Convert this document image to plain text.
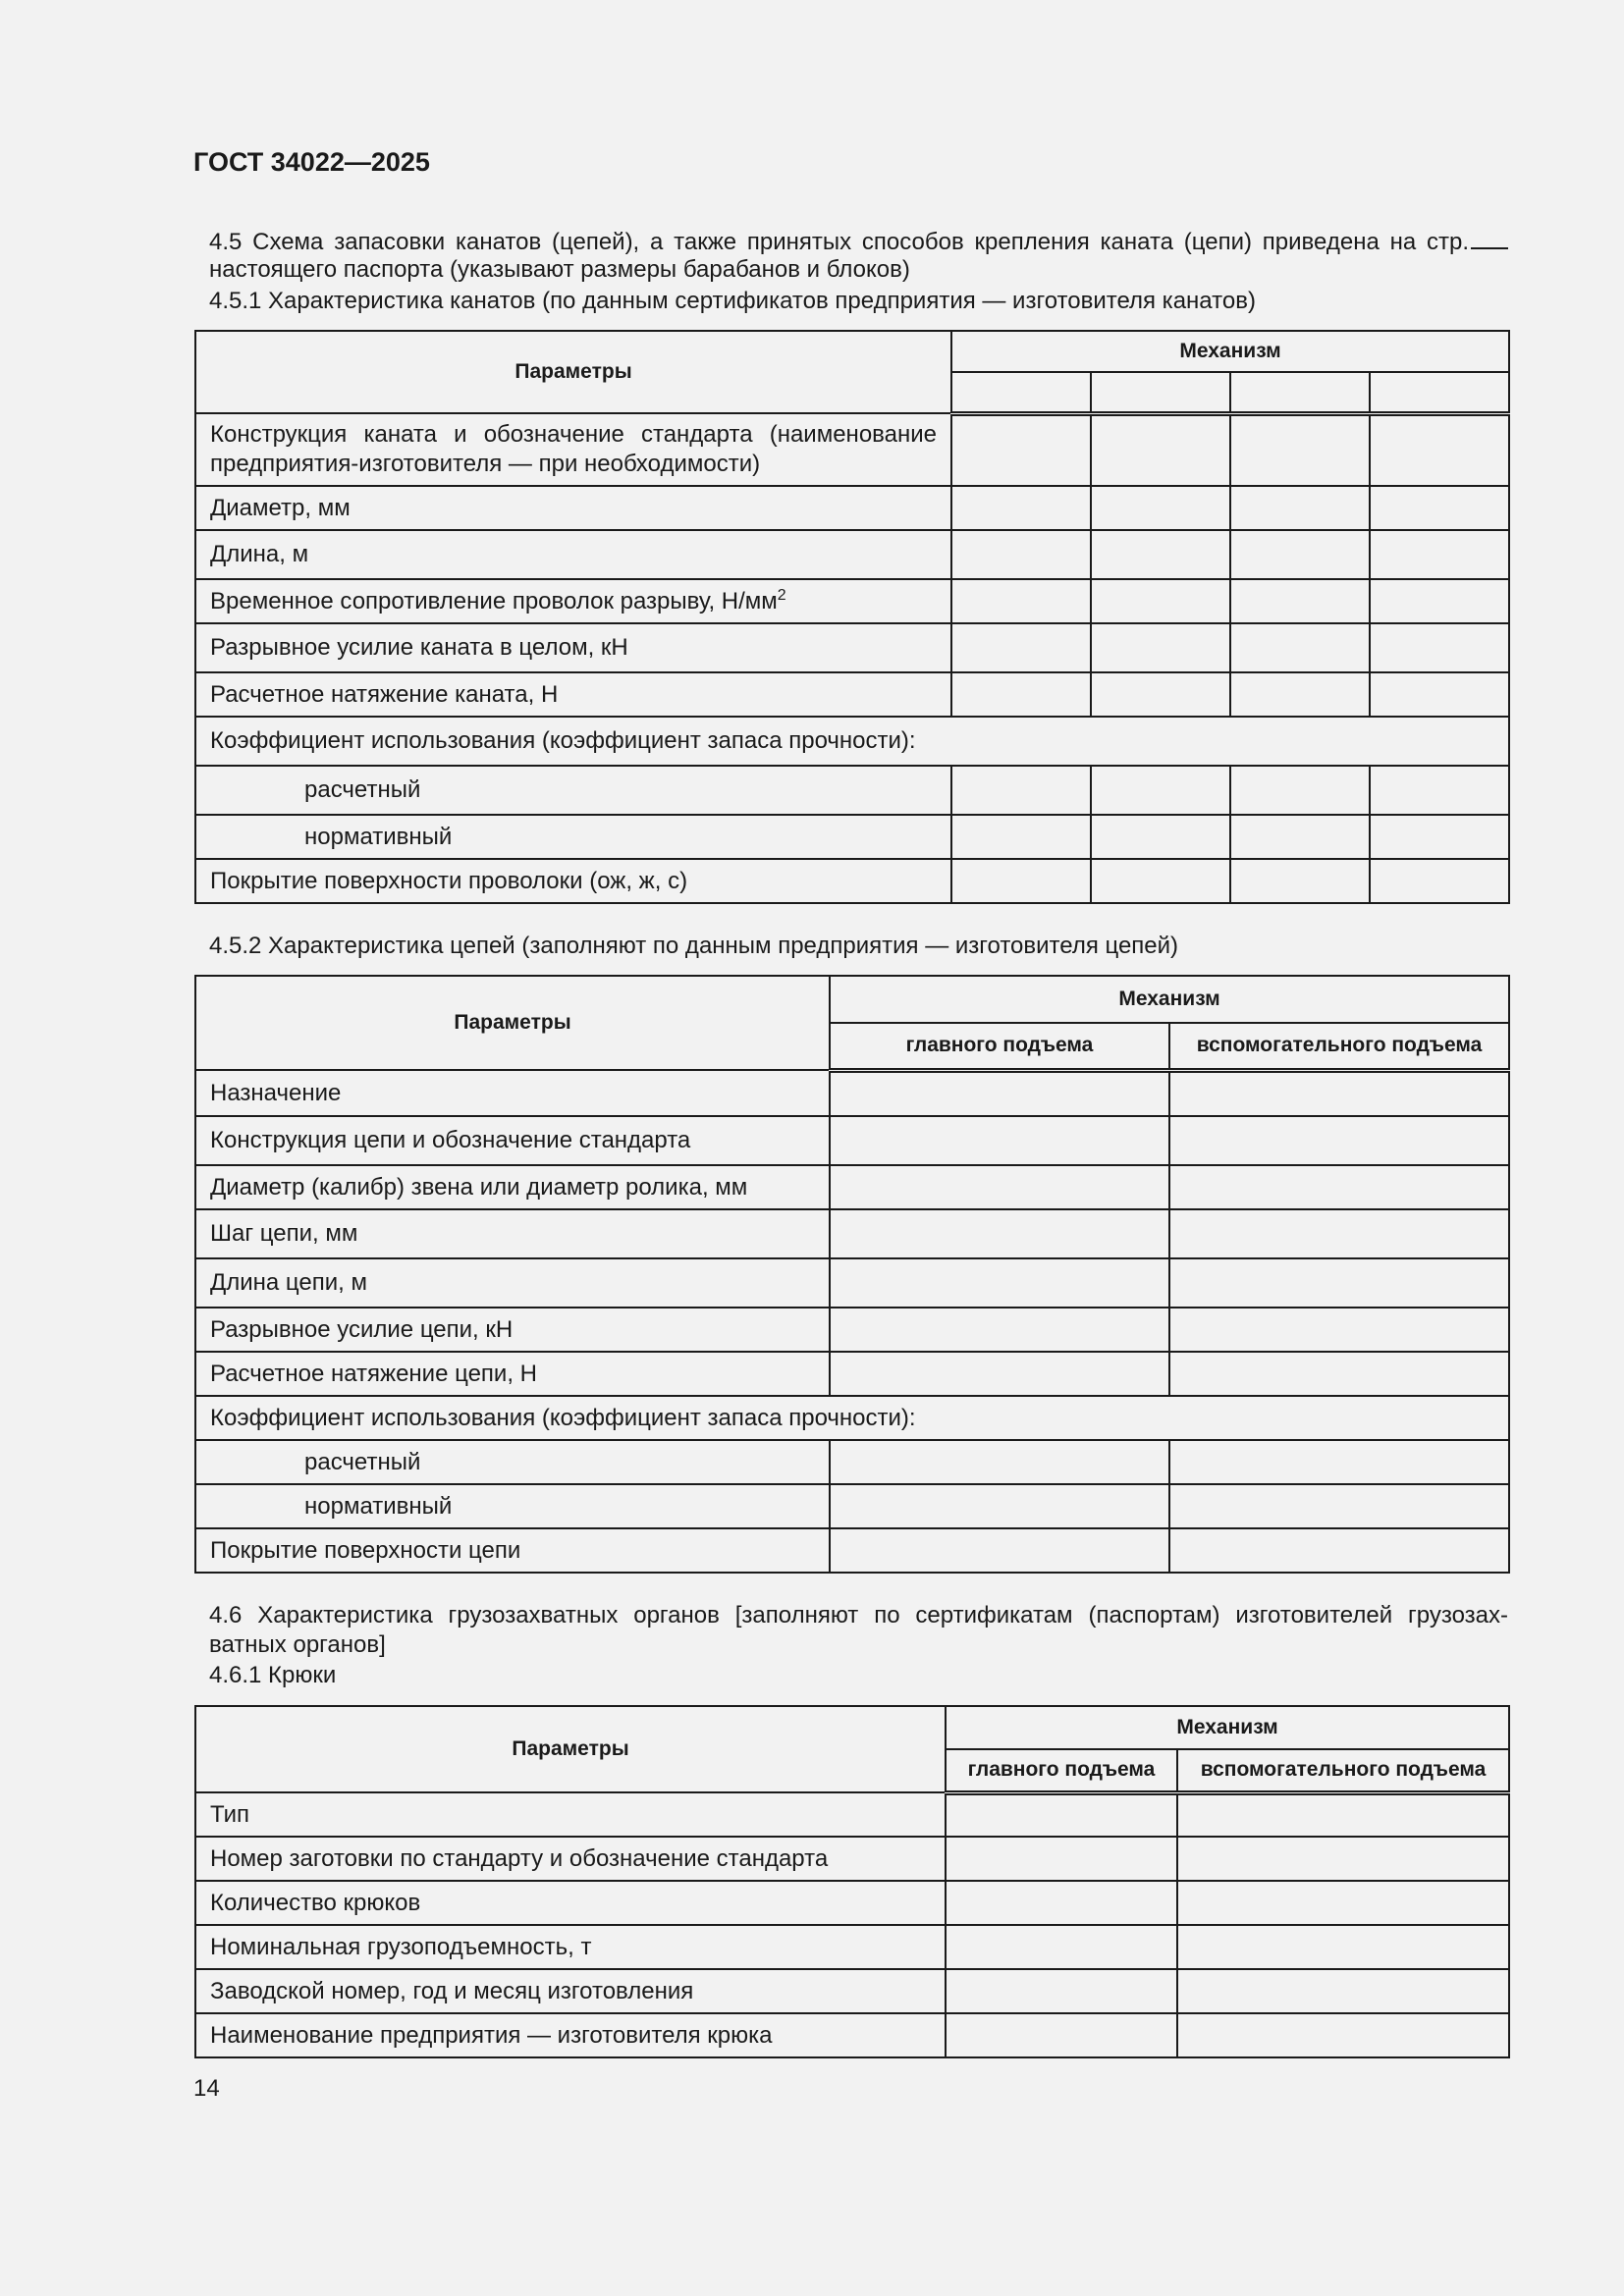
ГОСТ 34022—2025
4.5 Схема запасовки канатов (цепей), а также принятых способов крепления каната (цепи) приведена на стр.
настоящего паспорта (указывают размеры барабанов и блоков)
4.5.1 Характеристика канатов (по данным сертификатов предприятия — изготовителя канатов)
Параметры	Механизм			

Конструкция каната и обозначение стандарта (наименование предприятия-изготовителя — при необходимости)				
Диаметр, мм				
Длина, м				
Временное сопротивление проволок разрыву, $Н/мм^2$				
Разрывное усилие каната в целом, кН				
Расчетное натяжение каната, Н				
Коэффициент использования (коэффициент запаса прочности):				
расчетный				
нормативный				
Покрытие поверхности проволоки (ож, ж, с)				
4.5.2 Характеристика цепей (заполняют по данным предприятия — изготовителя цепей)
Параметры	Механизм	
	главного подъема	вспомогательного подъема
Назначение		
Конструкция цепи и обозначение стандарта		
Диаметр (калибр) звена или диаметр ролика, мм		
Шаг цепи, мм		
Длина цепи, м		
Разрывное усилие цепи, кН		
Расчетное натяжение цепи, Н		
Коэффициент использования (коэффициент запаса прочности):		
расчетный		
нормативный		
Покрытие поверхности цепи		
4.6 Характеристика грузозахватных органов [заполняют по сертификатам (паспортам) изготовителей грузозах-
ватных органов]
4.6.1 Крюки
Параметры	Механизм	
	главного подъема	вспомогательного подъема
Тип		
Номер заготовки по стандарту и обозначение стандарта		
Количество крюков		
Номинальная грузоподъемность, т		
Заводской номер, год и месяц изготовления		
Наименование предприятия — изготовителя крюка		
14
